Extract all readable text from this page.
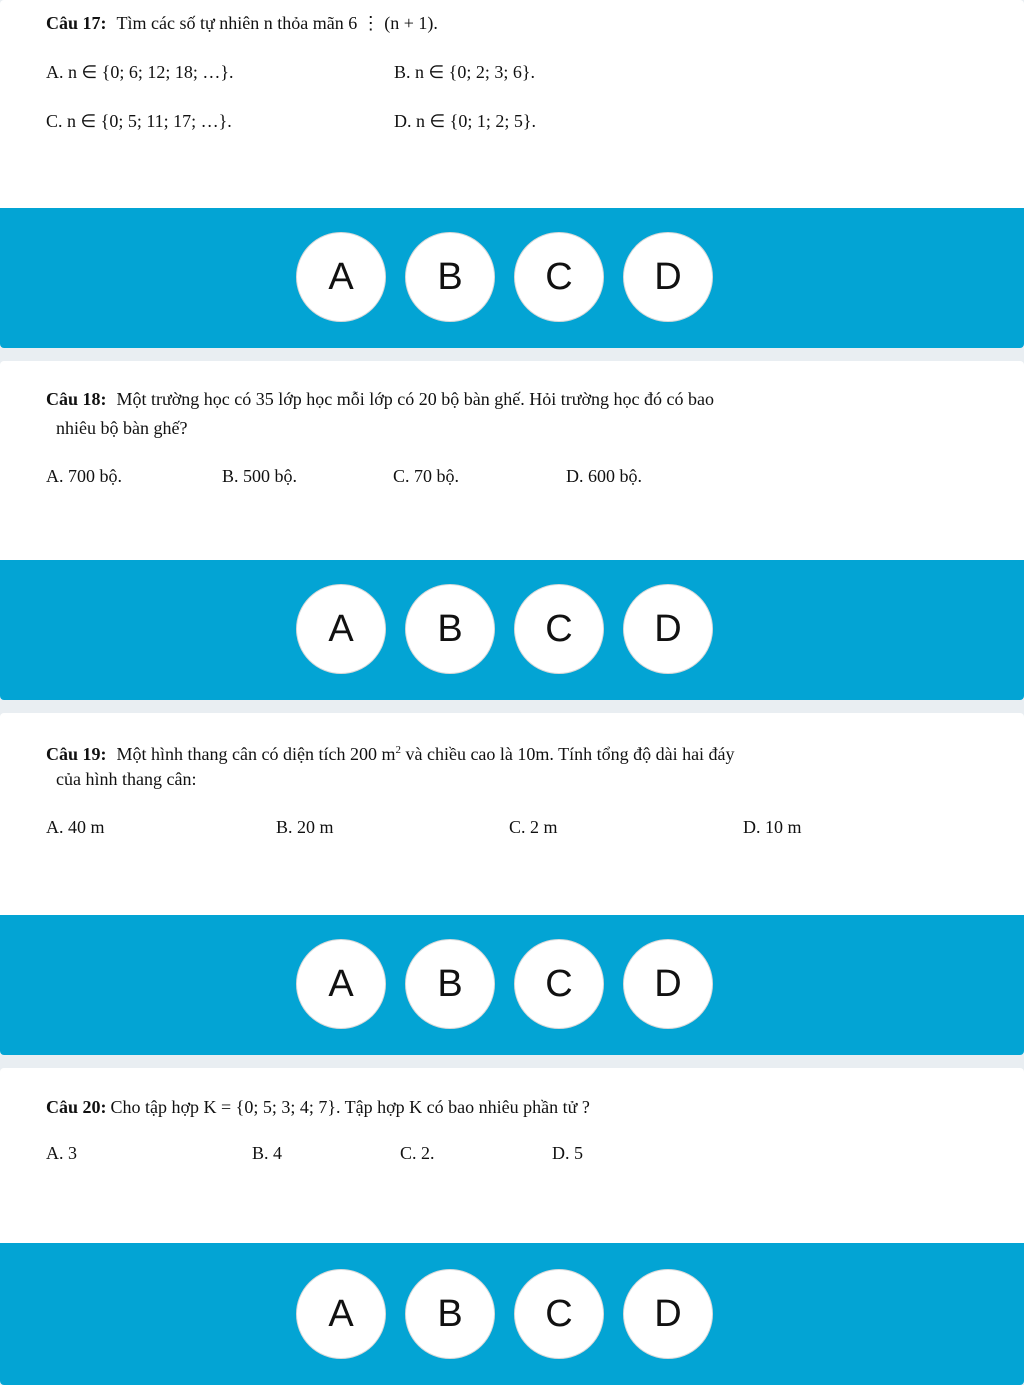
Câu 17: Tìm các số tự nhiên n thỏa mãn 6 ⋮ (n + 1).
A. n ∈ {0; 6; 12; 18; …}.	B. n ∈ {0; 2; 3; 6}.
C. n ∈ {0; 5; 11; 17; …}.	D. n ∈ {0; 1; 2; 5}.
A	B	C	D
Câu 18: Một trường học có 35 lớp học mỗi lớp có 20 bộ bàn ghế. Hỏi trường học đó có bao
nhiêu bộ bàn ghế?
A. 700 bộ.	B. 500 bộ.	C. 70 bộ.	D. 600 bộ.
A	B	C	D
Câu 19: Một hình thang cân có diện tích 200 $m^2$ và chiều cao là 10m. Tính tổng độ dài hai đáy
của hình thang cân:
A. 40 m	B. 20 m	C. 2 m	D. 10 m
A	B	C	D
Câu 20: Cho tập hợp K = {0; 5; 3; 4; 7}. Tập hợp K có bao nhiêu phần tử ?
A. 3	B. 4	C. 2.	D. 5
A	B	C	D
